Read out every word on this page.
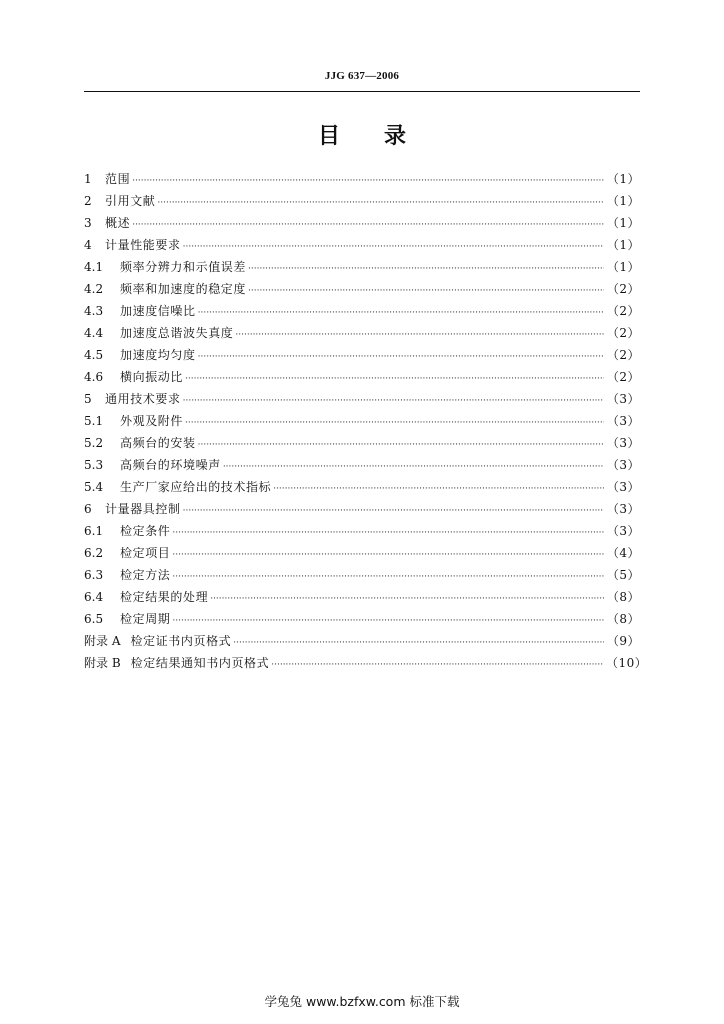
JJG 637—2006
目　　录
1	范围 ·····	（1）
2	引用文献 ·····	（1）
3	概述 ·····	（1）
4	计量性能要求 ·····	（1）
4.1	频率分辨力和示值误差 ·····	（1）
4.2	频率和加速度的稳定度 ·····	（2）
4.3	加速度信噪比 ·····	（2）
4.4	加速度总谐波失真度 ·····	（2）
4.5	加速度均匀度 ·····	（2）
4.6	横向振动比 ·····	（2）
5	通用技术要求 ·····	（3）
5.1	外观及附件 ·····	（3）
5.2	高频台的安装 ·····	（3）
5.3	高频台的环境噪声 ·····	（3）
5.4	生产厂家应给出的技术指标 ·····	（3）
6	计量器具控制 ·····	（3）
6.1	检定条件 ·····	（3）
6.2	检定项目 ·····	（4）
6.3	检定方法 ·····	（5）
6.4	检定结果的处理 ·····	（8）
6.5	检定周期 ·····	（8）
附录 A 检定证书内页格式 ·····	（9）
附录 B 检定结果通知书内页格式 ·····	（10）
学兔兔 www.bzfxw.com 标准下载
